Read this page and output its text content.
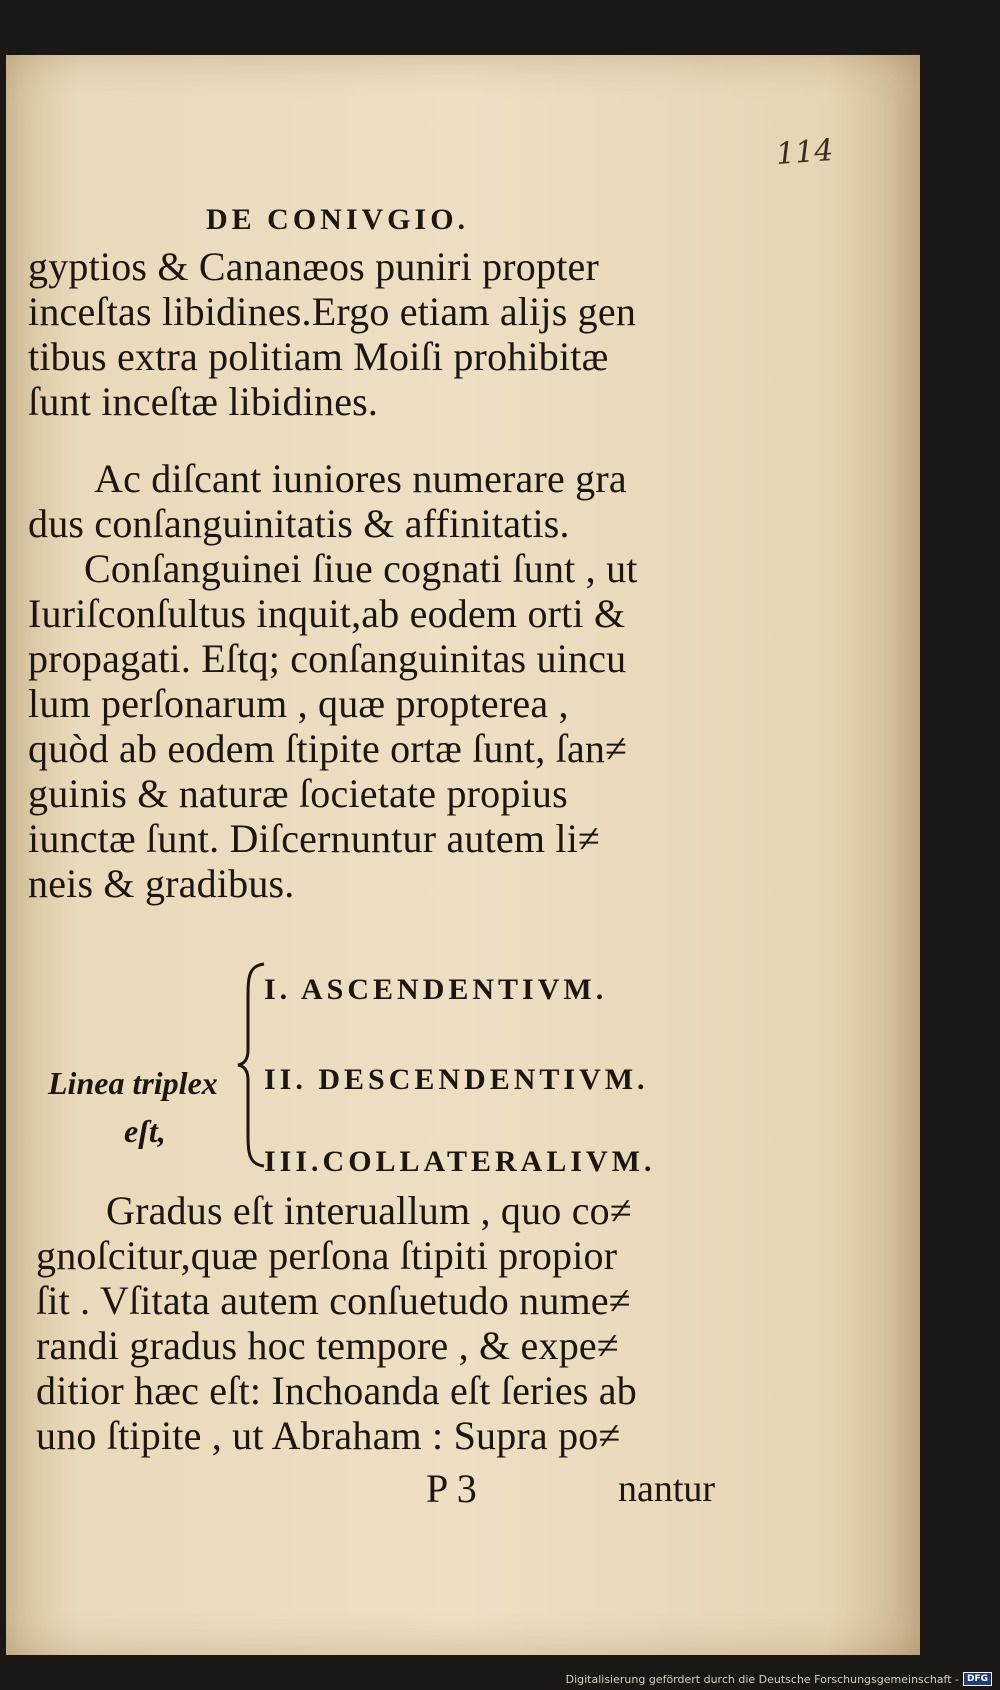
114
DE CONIVGIO.
gyptios & Cananæos puniri propter
inceſtas libidines.Ergo etiam alijs gen
tibus extra politiam Moiſi prohibitæ
ſunt inceſtæ libidines.
Ac diſcant iuniores numerare gra
dus conſanguinitatis & affinitatis.
Conſanguinei ſiue cognati ſunt , ut
Iuriſconſultus inquit,ab eodem orti &
propagati. Eſtq; conſanguinitas uincu
lum perſonarum , quæ propterea ,
quòd ab eodem ſtipite ortæ ſunt, ſan≠
guinis & naturæ ſocietate propius
iunctæ ſunt. Diſcernuntur autem li≠
neis & gradibus.
Linea triplex
eſt,
I. ASCENDENTIVM.
II. DESCENDENTIVM.
III.COLLATERALIVM.
Gradus eſt interuallum , quo co≠
gnoſcitur,quæ perſona ſtipiti propior
ſit . Vſitata autem conſuetudo nume≠
randi gradus hoc tempore , & expe≠
ditior hæc eſt: Inchoanda eſt ſeries ab
uno ſtipite , ut Abraham : Supra po≠
P 3	nantur
Digitalisierung gefördert durch die Deutsche Forschungsgemeinschaft - DFG
